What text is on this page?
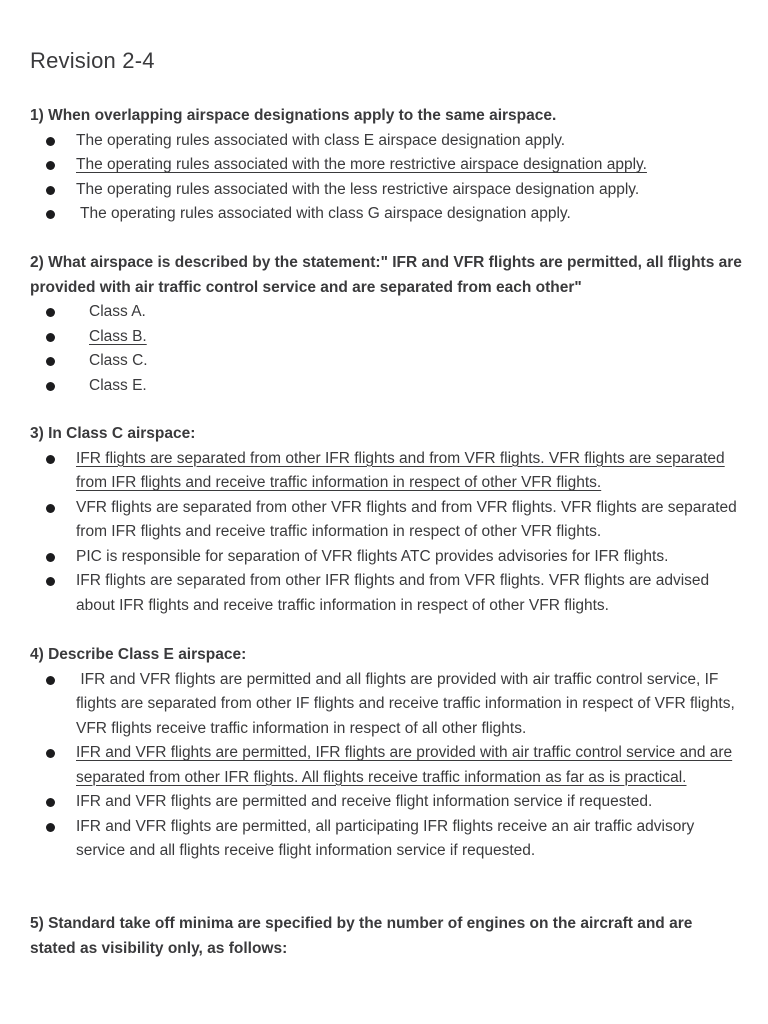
Revision 2-4

1) When overlapping airspace designations apply to the same airspace.

The operating rules associated with class E airspace designation apply.
The operating rules associated with the more restrictive airspace designation apply.
The operating rules associated with the less restrictive airspace designation apply.
The operating rules associated with class G airspace designation apply.

2) What airspace is described by the statement:" IFR and VFR flights are permitted, all flights are provided with air traffic control service and are separated from each other"

Class A.
Class B.
Class C.
Class E.

3) In Class C airspace:

IFR flights are separated from other IFR flights and from VFR flights. VFR flights are separated from IFR flights and receive traffic information in respect of other VFR flights.
VFR flights are separated from other VFR flights and from VFR flights. VFR flights are separated from IFR flights and receive traffic information in respect of other VFR flights.
PIC is responsible for separation of VFR flights ATC provides advisories for IFR flights.
IFR flights are separated from other IFR flights and from VFR flights. VFR flights are advised about IFR flights and receive traffic information in respect of other VFR flights.

4) Describe Class E airspace:

IFR and VFR flights are permitted and all flights are provided with air traffic control service, IF flights are separated from other IF flights and receive traffic information in respect of VFR flights, VFR flights receive traffic information in respect of all other flights.
IFR and VFR flights are permitted, IFR flights are provided with air traffic control service and are separated from other IFR flights. All flights receive traffic information as far as is practical.
IFR and VFR flights are permitted and receive flight information service if requested.
IFR and VFR flights are permitted, all participating IFR flights receive an air traffic advisory service and all flights receive flight information service if requested.

5) Standard take off minima are specified by the number of engines on the aircraft and are stated as visibility only, as follows:
